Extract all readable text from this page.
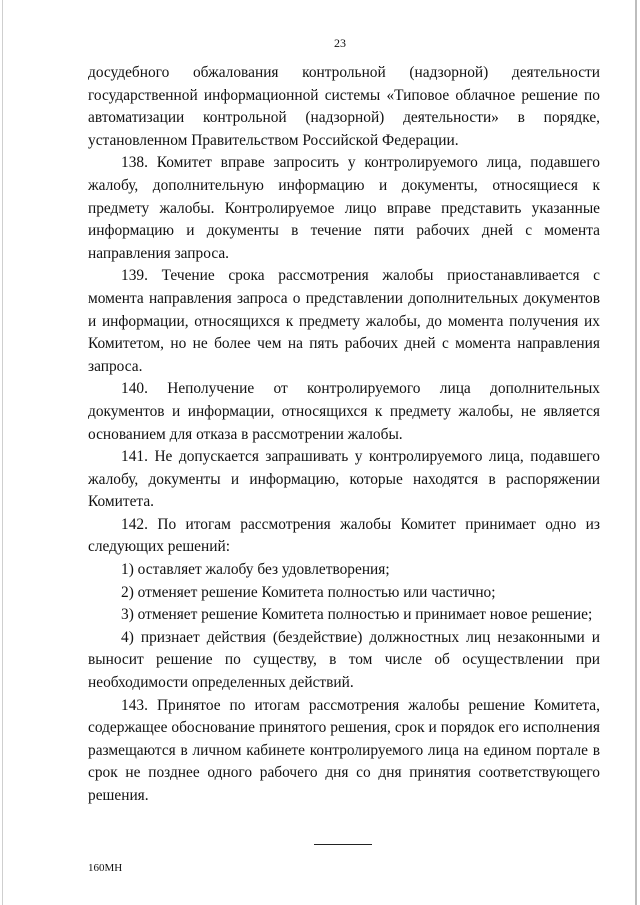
23

досудебного обжалования контрольной (надзорной) деятельности государственной информационной системы «Типовое облачное решение по автоматизации контрольной (надзорной) деятельности» в порядке, установленном Правительством Российской Федерации.

138. Комитет вправе запросить у контролируемого лица, подавшего жалобу, дополнительную информацию и документы, относящиеся к предмету жалобы. Контролируемое лицо вправе представить указанные информацию и документы в течение пяти рабочих дней с момента направления запроса.

139. Течение срока рассмотрения жалобы приостанавливается с момента направления запроса о представлении дополнительных документов и информации, относящихся к предмету жалобы, до момента получения их Комитетом, но не более чем на пять рабочих дней с момента направления запроса.

140. Неполучение от контролируемого лица дополнительных документов и информации, относящихся к предмету жалобы, не является основанием для отказа в рассмотрении жалобы.

141. Не допускается запрашивать у контролируемого лица, подавшего жалобу, документы и информацию, которые находятся в распоряжении Комитета.

142. По итогам рассмотрения жалобы Комитет принимает одно из следующих решений:

1) оставляет жалобу без удовлетворения;

2) отменяет решение Комитета полностью или частично;

3) отменяет решение Комитета полностью и принимает новое решение;

4) признает действия (бездействие) должностных лиц незаконными и выносит решение по существу, в том числе об осуществлении при необходимости определенных действий.

143. Принятое по итогам рассмотрения жалобы решение Комитета, содержащее обоснование принятого решения, срок и порядок его исполнения размещаются в личном кабинете контролируемого лица на едином портале в срок не позднее одного рабочего дня со дня принятия соответствующего решения.

160МН
